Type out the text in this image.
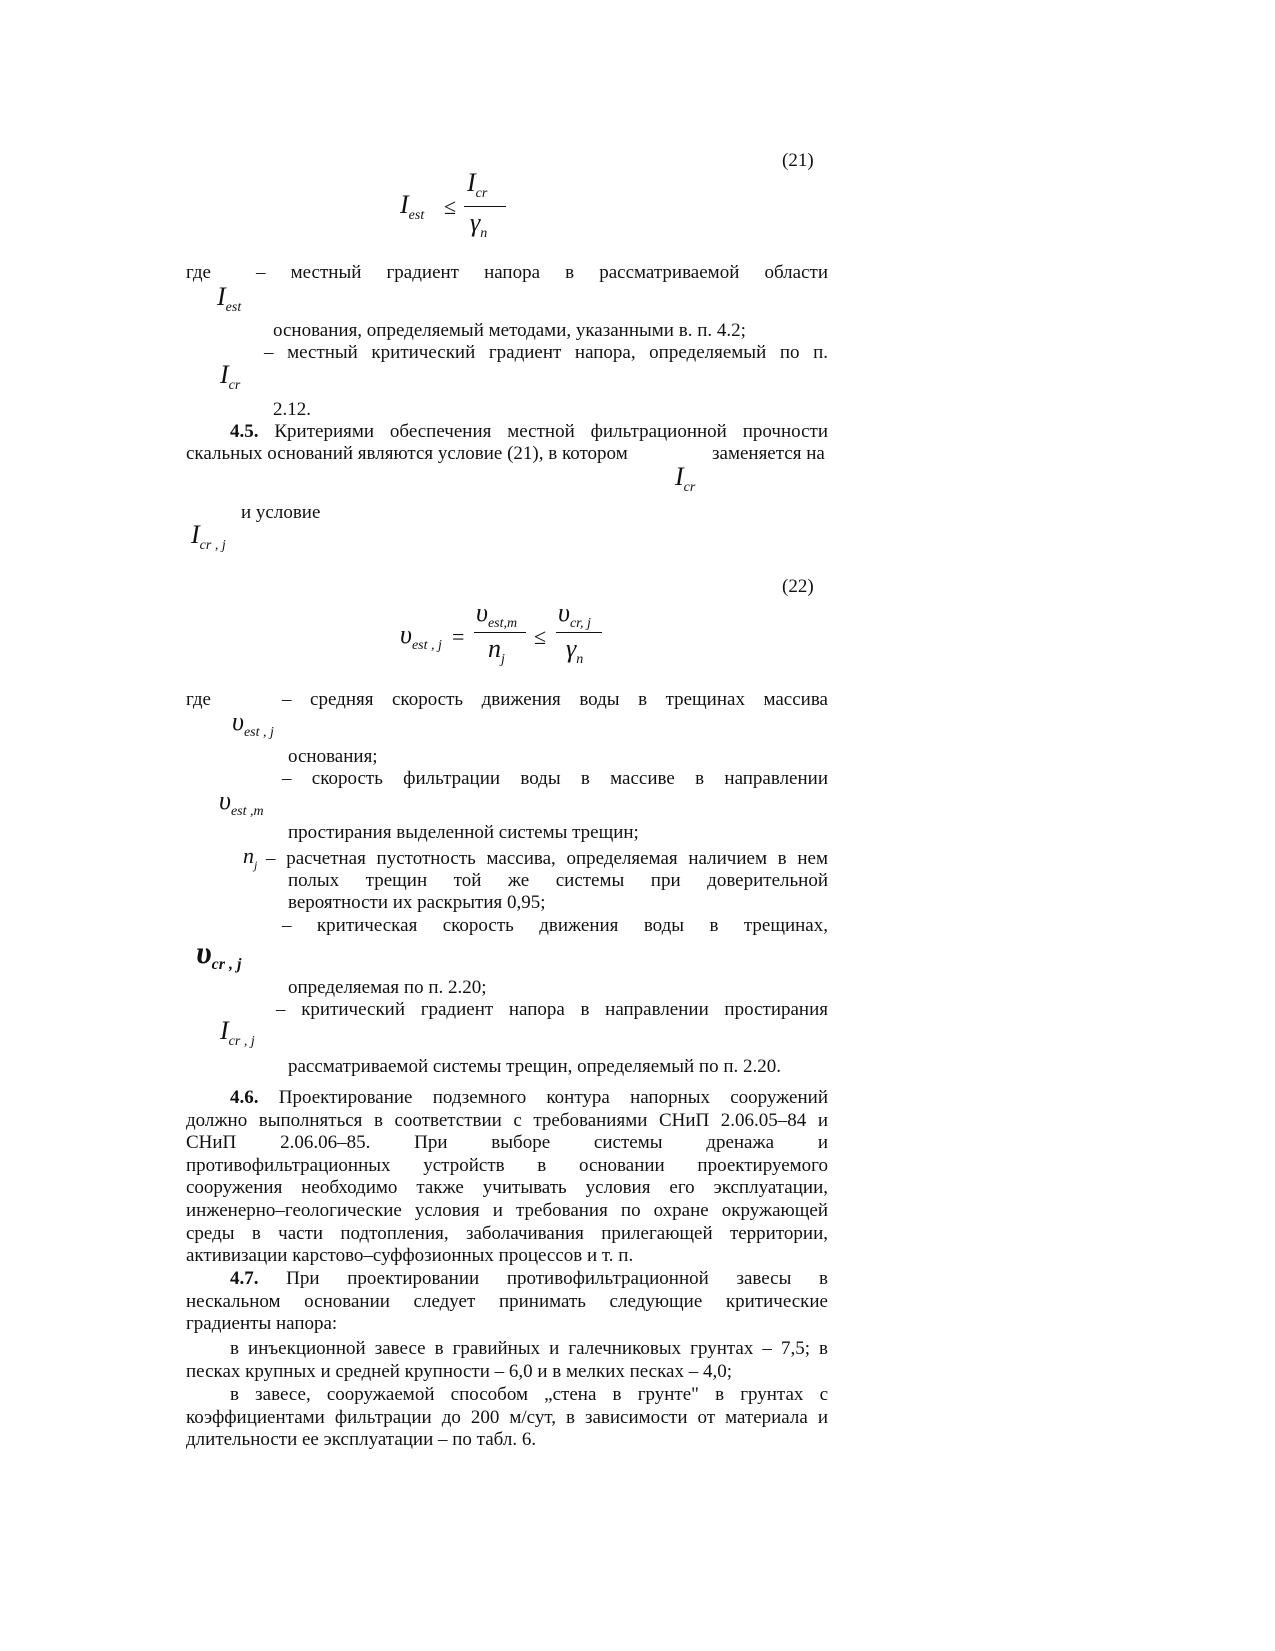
(21)
Iest ≤
Icr
γn
где – местный градиент напора в рассматриваемой области
Iest
основания, определяемый методами, указанными в. п. 4.2;
– местный критический градиент напора, определяемый по п.
Icr
2.12.
4.5. Критериями обеспечения местной фильтрационной прочности
скальных оснований являются условие (21), в котором	заменяется на
Icr
и условие
Icr , j
(22)
υest , j =
υest,m
nj
≤
υcr, j
γn
где	– средняя скорость движения воды в трещинах массива
υest , j
основания;
– скорость фильтрации воды в массиве в направлении
υest ,m
простирания выделенной системы трещин;
$n_j$ – расчетная пустотность массива, определяемая наличием в нем
полых трещин той же системы при доверительной
вероятности их раскрытия 0,95;
– критическая скорость движения воды в трещинах,
υcr , j
определяемая по п. 2.20;
– критический градиент напора в направлении простирания
Icr , j
рассматриваемой системы трещин, определяемый по п. 2.20.
4.6. Проектирование подземного контура напорных сооружений
должно выполняться в соответствии с требованиями СНиП 2.06.05–84 и
СНиП 2.06.06–85. При выборе системы дренажа и
противофильтрационных устройств в основании проектируемого
сооружения необходимо также учитывать условия его эксплуатации,
инженерно–геологические условия и требования по охране окружающей
среды в части подтопления, заболачивания прилегающей территории,
активизации карстово–суффозионных процессов и т. п.
4.7. При проектировании противофильтрационной завесы в
нескальном основании следует принимать следующие критические
градиенты напора:
в инъекционной завесе в гравийных и галечниковых грунтах – 7,5; в
песках крупных и средней крупности – 6,0 и в мелких песках – 4,0;
в завесе, сооружаемой способом „стена в грунте" в грунтах с
коэффициентами фильтрации до 200 м/сут, в зависимости от материала и
длительности ее эксплуатации – по табл. 6.
